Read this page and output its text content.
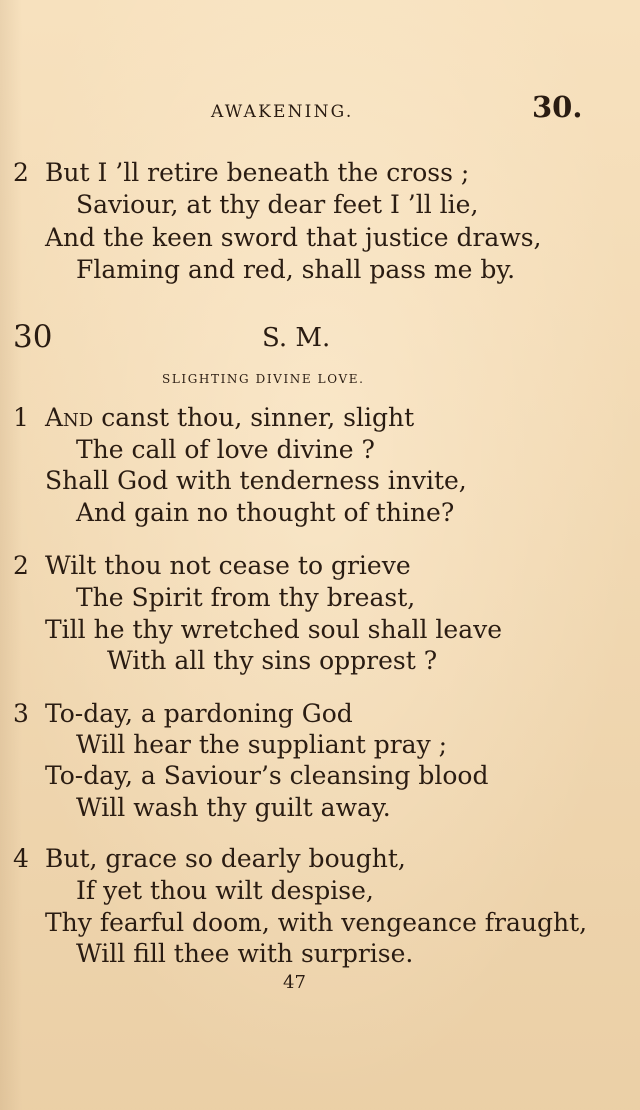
AWAKENING.	30.
2 But I ’ll retire beneath the cross ;
Saviour, at thy dear feet I ’ll lie,
And the keen sword that justice draws,
Flaming and red, shall pass me by.
30	S. M.
SLIGHTING DIVINE LOVE.
1 And canst thou, sinner, slight
The call of love divine ?
Shall God with tenderness invite,
And gain no thought of thine?
2 Wilt thou not cease to grieve
The Spirit from thy breast,
Till he thy wretched soul shall leave
With all thy sins opprest ?
3 To-day, a pardoning God
Will hear the suppliant pray ;
To-day, a Saviour’s cleansing blood
Will wash thy guilt away.
4 But, grace so dearly bought,
If yet thou wilt despise,
Thy fearful doom, with vengeance fraught,
Will fill thee with surprise.
47
